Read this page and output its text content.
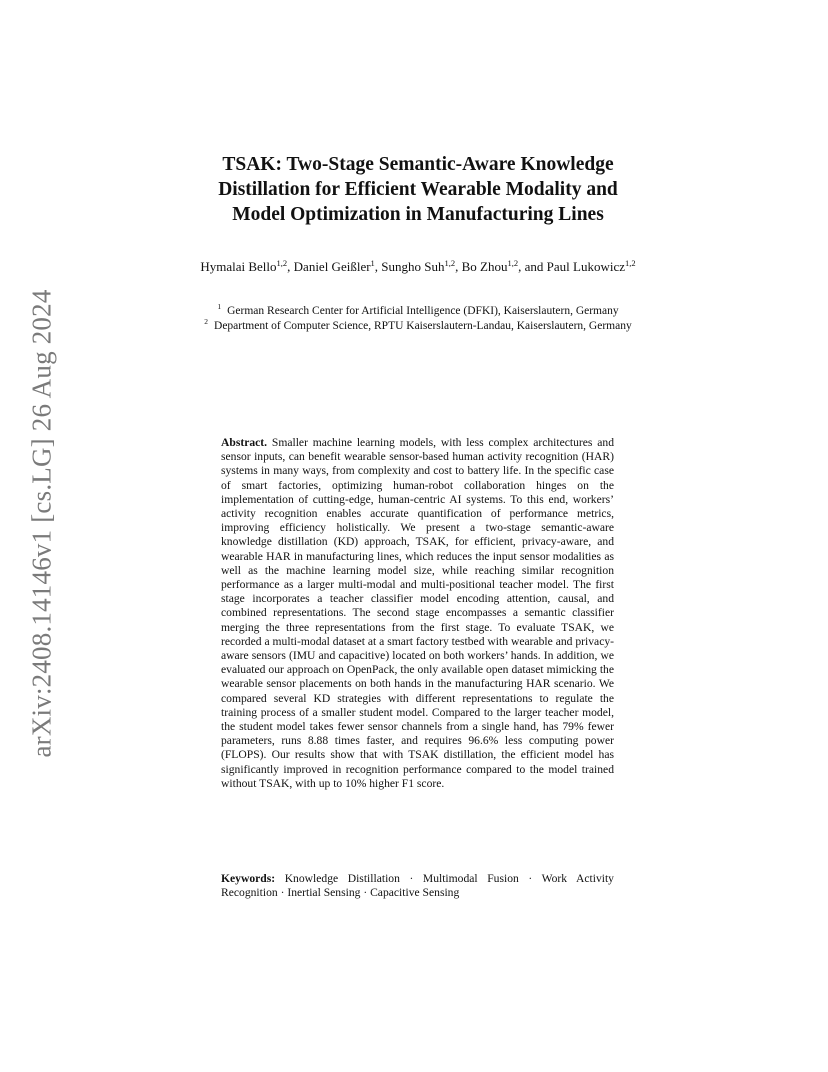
arXiv:2408.14146v1 [cs.LG] 26 Aug 2024
TSAK: Two-Stage Semantic-Aware Knowledge
Distillation for Efficient Wearable Modality and
Model Optimization in Manufacturing Lines
Hymalai Bello$^{1,2}$, Daniel Geißler$^1$, Sungho Suh$^{1,2}$, Bo Zhou$^{1,2}$, and Paul Lukowicz$^{1,2}$

$^1$ German Research Center for Artificial Intelligence (DFKI), Kaiserslautern, Germany

$^2$ Department of Computer Science, RPTU Kaiserslautern-Landau, Kaiserslautern, Germany

Abstract. Smaller machine learning models, with less complex architectures and sensor inputs, can benefit wearable sensor-based human activity recognition (HAR) systems in many ways, from complexity and cost to battery life. In the specific case of smart factories, optimizing human-robot collaboration hinges on the implementation of cutting-edge, human-centric AI systems. To this end, workers’ activity recognition enables accurate quantification of performance metrics, improving efficiency holistically. We present a two-stage semantic-aware knowledge distillation (KD) approach, TSAK, for efficient, privacy-aware, and wearable HAR in manufacturing lines, which reduces the input sensor modalities as well as the machine learning model size, while reaching similar recognition performance as a larger multi-modal and multi-positional teacher model. The first stage incorporates a teacher classifier model encoding attention, causal, and combined representations. The second stage encompasses a semantic classifier merging the three representations from the first stage. To evaluate TSAK, we recorded a multi-modal dataset at a smart factory testbed with wearable and privacy-aware sensors (IMU and capacitive) located on both workers’ hands. In addition, we evaluated our approach on OpenPack, the only available open dataset mimicking the wearable sensor placements on both hands in the manufacturing HAR scenario. We compared several KD strategies with different representations to regulate the training process of a smaller student model. Compared to the larger teacher model, the student model takes fewer sensor channels from a single hand, has 79% fewer parameters, runs 8.88 times faster, and requires 96.6% less computing power (FLOPS). Our results show that with TSAK distillation, the efficient model has significantly improved in recognition performance compared to the model trained without TSAK, with up to 10% higher F1 score.
Keywords: Knowledge Distillation · Multimodal Fusion · Work Activity Recognition · Inertial Sensing · Capacitive Sensing
